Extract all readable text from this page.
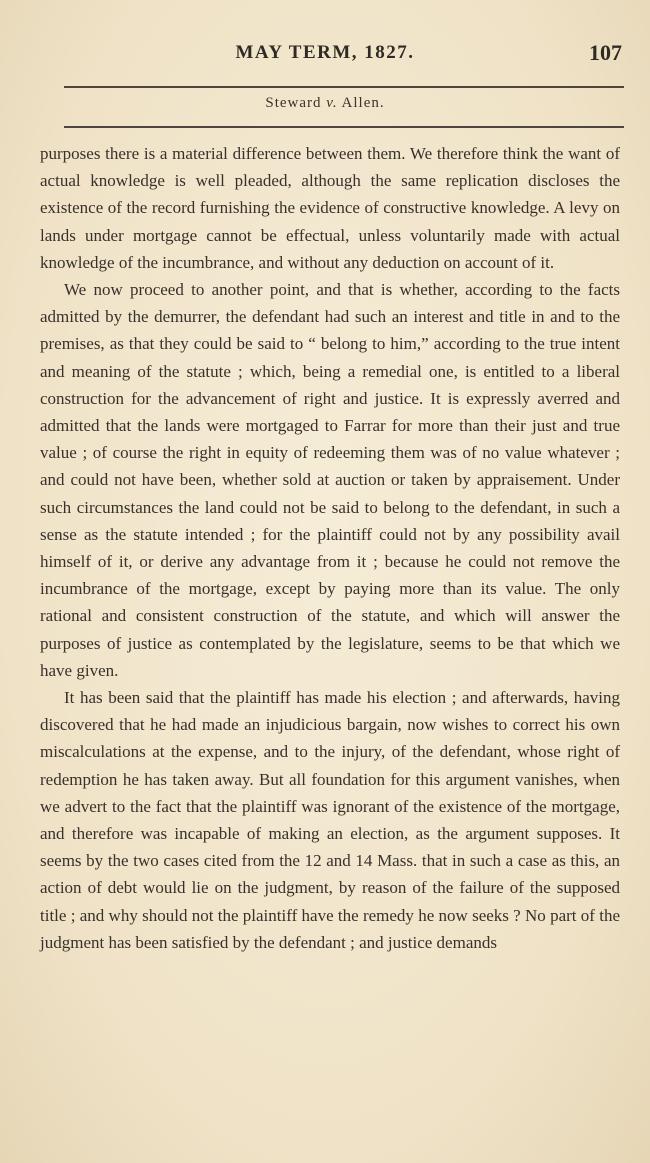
MAY TERM, 1827.	107
Steward v. Allen.

purposes there is a material difference between them. We therefore think the want of actual knowledge is well pleaded, although the same replication discloses the existence of the record furnishing the evidence of constructive knowledge. A levy on lands under mortgage cannot be effectual, unless voluntarily made with actual knowledge of the incumbrance, and without any deduction on account of it.

We now proceed to another point, and that is whether, according to the facts admitted by the demurrer, the defendant had such an interest and title in and to the premises, as that they could be said to “ belong to him,” according to the true intent and meaning of the statute ; which, being a remedial one, is entitled to a liberal construction for the advancement of right and justice. It is expressly averred and admitted that the lands were mortgaged to Farrar for more than their just and true value ; of course the right in equity of redeeming them was of no value whatever ; and could not have been, whether sold at auction or taken by appraisement. Under such circumstances the land could not be said to belong to the defendant, in such a sense as the statute intended ; for the plaintiff could not by any possibility avail himself of it, or derive any advantage from it ; because he could not remove the incumbrance of the mortgage, except by paying more than its value. The only rational and consistent construction of the statute, and which will answer the purposes of justice as contemplated by the legislature, seems to be that which we have given.

It has been said that the plaintiff has made his election ; and afterwards, having discovered that he had made an injudicious bargain, now wishes to correct his own miscalculations at the expense, and to the injury, of the defendant, whose right of redemption he has taken away. But all foundation for this argument vanishes, when we advert to the fact that the plaintiff was ignorant of the existence of the mortgage, and therefore was incapable of making an election, as the argument supposes. It seems by the two cases cited from the 12 and 14 Mass. that in such a case as this, an action of debt would lie on the judgment, by reason of the failure of the supposed title ; and why should not the plaintiff have the remedy he now seeks ? No part of the judgment has been satisfied by the defendant ; and justice demands
